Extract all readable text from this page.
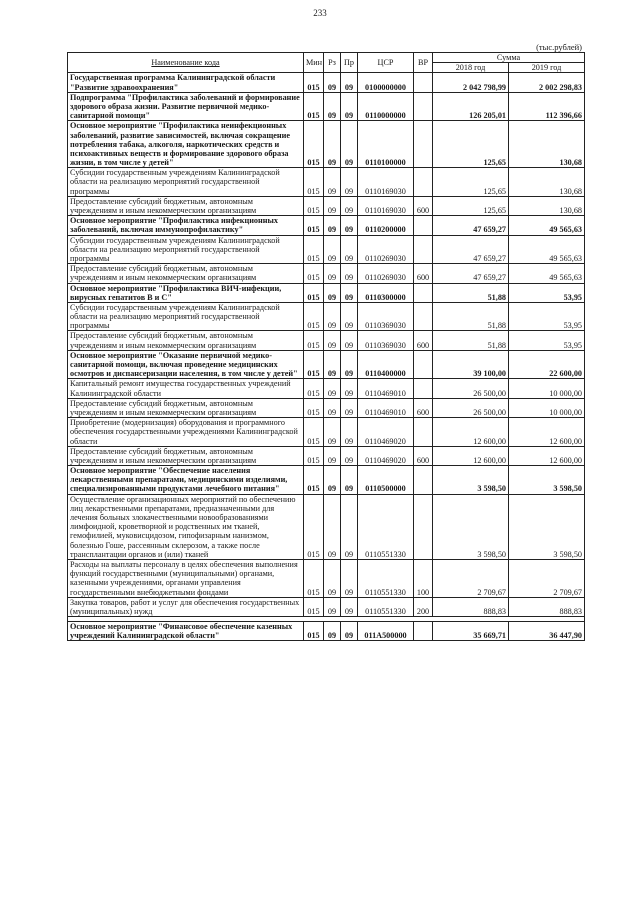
233
(тыс.рублей)
Наименование кода	Мин	Рз	Пр	ЦСР	ВР	Сумма	
						2018 год	2019 год
Государственная программа Калининградской области "Развитие здравоохранения"	015	09	09	0100000000		2 042 798,99	2 002 298,83
Подпрограмма "Профилактика заболеваний и формирование здорового образа жизни. Развитие первичной медико-санитарной помощи"	015	09	09	0110000000		126 205,01	112 396,66
Основное мероприятие "Профилактика неинфекционных заболеваний, развитие зависимостей, включая сокращение потребления табака, алкоголя, наркотических средств и психоактивных веществ и формирование здорового образа жизни, в том числе у детей"	015	09	09	0110100000		125,65	130,68
Субсидии государственным учреждениям Калининградской области на реализацию мероприятий государственной программы	015	09	09	0110169030		125,65	130,68
Предоставление субсидий бюджетным, автономным учреждениям и иным некоммерческим организациям	015	09	09	0110169030	600	125,65	130,68
Основное мероприятие "Профилактика инфекционных заболеваний, включая иммунопрофилактику"	015	09	09	0110200000		47 659,27	49 565,63
Субсидии государственным учреждениям Калининградской области на реализацию мероприятий государственной программы	015	09	09	0110269030		47 659,27	49 565,63
Предоставление субсидий бюджетным, автономным учреждениям и иным некоммерческим организациям	015	09	09	0110269030	600	47 659,27	49 565,63
Основное мероприятие "Профилактика ВИЧ-инфекции, вирусных гепатитов В и С"	015	09	09	0110300000		51,88	53,95
Субсидии государственным учреждениям Калининградской области на реализацию мероприятий государственной программы	015	09	09	0110369030		51,88	53,95
Предоставление субсидий бюджетным, автономным учреждениям и иным некоммерческим организациям	015	09	09	0110369030	600	51,88	53,95
Основное мероприятие "Оказание первичной медико-санитарной помощи, включая проведение медицинских осмотров и диспансеризации населения, в том числе у детей"	015	09	09	0110400000		39 100,00	22 600,00
Капитальный ремонт имущества государственных учреждений Калининградской области	015	09	09	0110469010		26 500,00	10 000,00
Предоставление субсидий бюджетным, автономным учреждениям и иным некоммерческим организациям	015	09	09	0110469010	600	26 500,00	10 000,00
Приобретение (модернизация) оборудования и программного обеспечения государственными учреждениями Калининградской области	015	09	09	0110469020		12 600,00	12 600,00
Предоставление субсидий бюджетным, автономным учреждениям и иным некоммерческим организациям	015	09	09	0110469020	600	12 600,00	12 600,00
Основное мероприятие "Обеспечение населения лекарственными препаратами, медицинскими изделиями, специализированными продуктами лечебного питания"	015	09	09	0110500000		3 598,50	3 598,50
Осуществление организационных мероприятий по обеспечению лиц лекарственными препаратами, предназначенными для лечения больных злокачественными новообразованиями лимфоидной, кроветворной и родственных им тканей, гемофилией, муковисцидозом, гипофизарным нанизмом, болезнью Гоше, рассеянным склерозом, а также после трансплантации органов и (или) тканей	015	09	09	0110551330		3 598,50	3 598,50
Расходы на выплаты персоналу в целях обеспечения выполнения функций государственными (муниципальными) органами, казенными учреждениями, органами управления государственными внебюджетными фондами	015	09	09	0110551330	100	2 709,67	2 709,67
Закупка товаров, работ и услуг для обеспечения государственных (муниципальных) нужд	015	09	09	0110551330	200	888,83	888,83

Основное мероприятие "Финансовое обеспечение казенных учреждений Калининградской области"	015	09	09	011А500000		35 669,71	36 447,90
